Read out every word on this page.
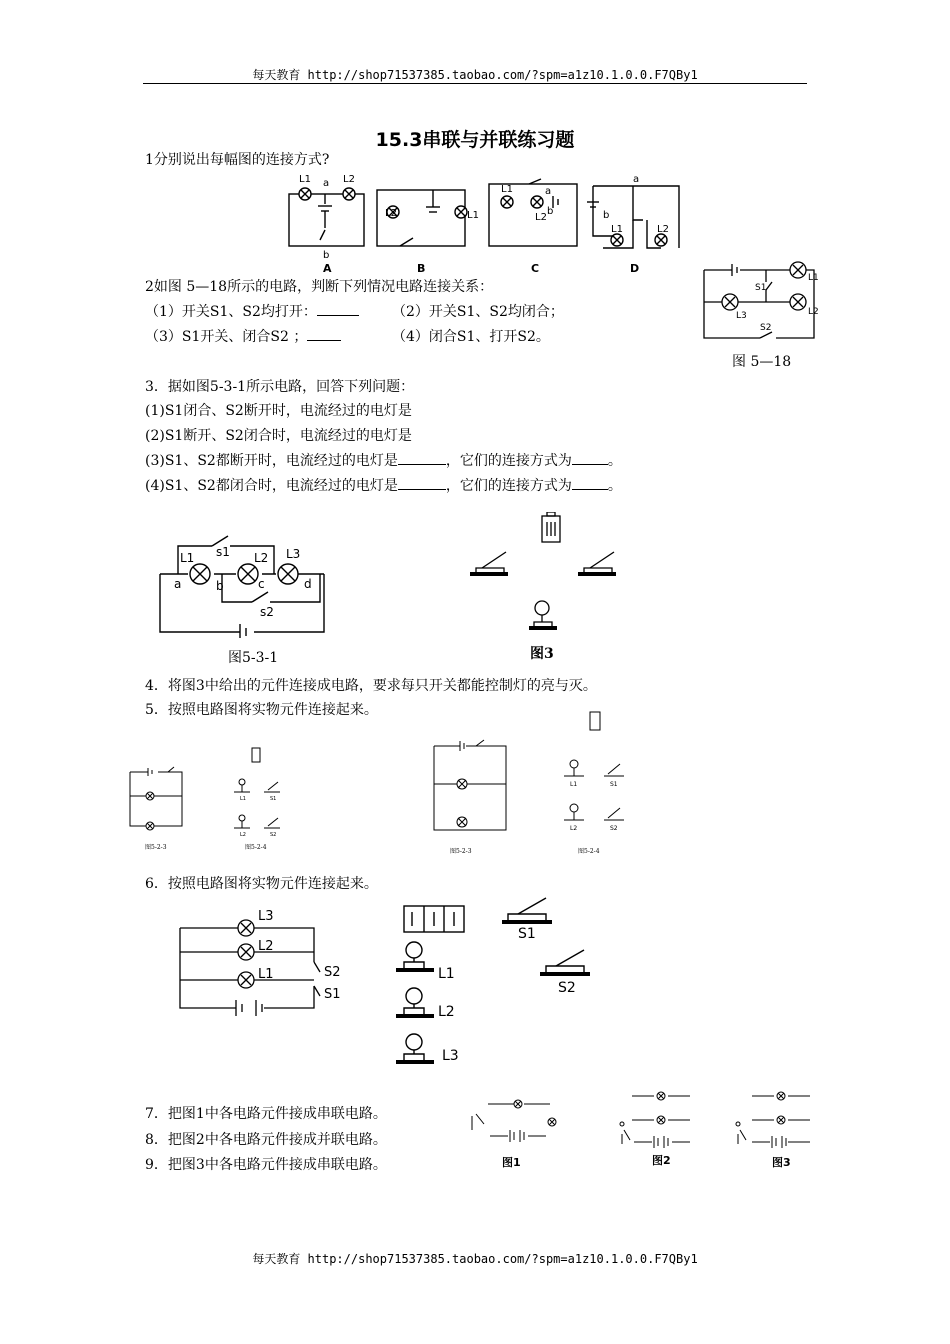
每天教育 http://shop71537385.taobao.com/?spm=a1z10.1.0.0.F7QBy1
每天教育 http://shop71537385.taobao.com/?spm=a1z10.1.0.0.F7QBy1
15.3串联与并联练习题
1分别说出每幅图的连接方式?
L1	L2
a
b
L2	L1
L1
L2
a
b
a
b
L1	L2
A	B	C	D
2如图 5—18所示的电路，判断下列情况电路连接关系：
（1）开关S1、S2均打开：	（2）开关S1、S2均闭合；
（3）S1开关、闭合S2 ；	（4）闭合S1、打开S2。
L1
L2
L3
S1
S2
图 5—18
3．据如图5-3-1所示电路，回答下列问题：
(1)S1闭合、S2断开时，电流经过的电灯是
(2)S1断开、S2闭合时，电流经过的电灯是
(3)S1、S2都断开时，电流经过的电灯是	，它们的连接方式为	。
(4)S1、S2都闭合时，电流经过的电灯是	，它们的连接方式为	。
L1	L2 L3
s1
s2
a	b	c	d
图5-3-1	图3
4．将图3中给出的元件连接成电路，要求每只开关都能控制灯的亮与灭。
5．按照电路图将实物元件连接起来。
L1	S1
L2	S2
L1	S1
L2	S2
图5-2-3	图5-2-4
图5-2-3	图5-2-4
6．按照电路图将实物元件连接起来。
L3
L2
L1	S2
S1
S1
S2
L1
L2
L3
7．把图1中各电路元件接成串联电路。
8．把图2中各电路元件接成并联电路。
9．把图3中各电路元件接成串联电路。	图1	图2	图3
